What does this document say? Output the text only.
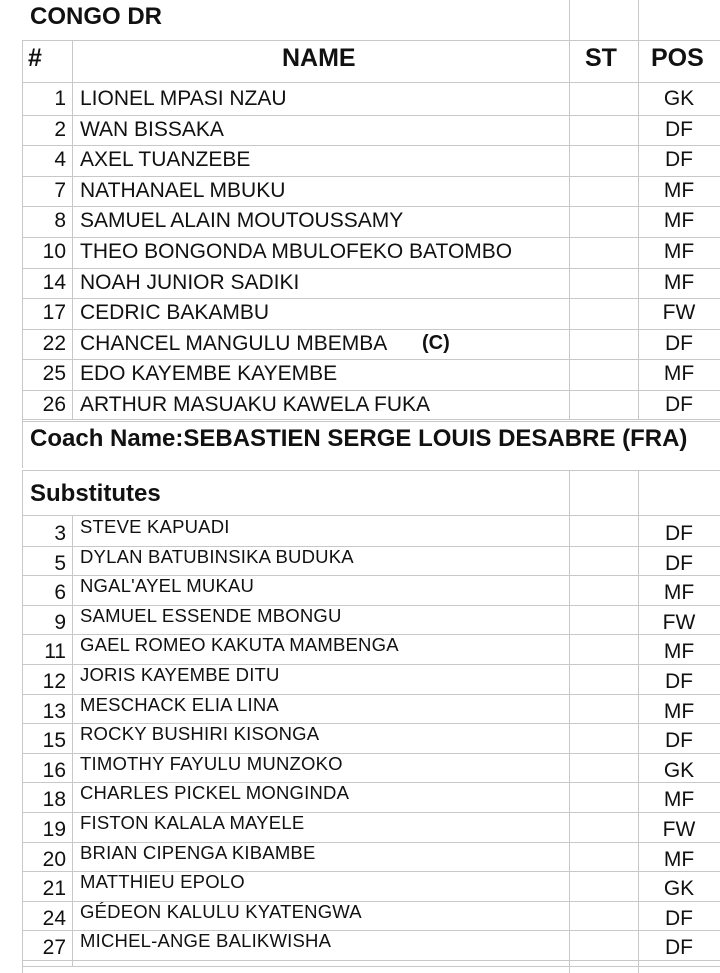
CONGO DR
#	NAME	ST POS
1 LIONEL MPASI NZAU	GK
2 WAN BISSAKA	DF
4 AXEL TUANZEBE	DF
7 NATHANAEL MBUKU	MF
8 SAMUEL ALAIN MOUTOUSSAMY	MF
10 THEO BONGONDA MBULOFEKO BATOMBO	MF
14 NOAH JUNIOR SADIKI	MF
17 CEDRIC BAKAMBU	FW
22 CHANCEL MANGULU MBEMBA (C)	DF
25 EDO KAYEMBE KAYEMBE	MF
26 ARTHUR MASUAKU KAWELA FUKA	DF
Coach Name:SEBASTIEN SERGE LOUIS DESABRE (FRA)
Substitutes
3 STEVE KAPUADI	DF
5 DYLAN BATUBINSIKA BUDUKA	DF
6 NGAL'AYEL MUKAU	MF
9 SAMUEL ESSENDE MBONGU	FW
11 GAEL ROMEO KAKUTA MAMBENGA	MF
12 JORIS KAYEMBE DITU	DF
13 MESCHACK ELIA LINA	MF
15 ROCKY BUSHIRI KISONGA	DF
16 TIMOTHY FAYULU MUNZOKO	GK
18 CHARLES PICKEL MONGINDA	MF
19 FISTON KALALA MAYELE	FW
20 BRIAN CIPENGA KIBAMBE	MF
21 MATTHIEU EPOLO	GK
24 GÉDEON KALULU KYATENGWA	DF
27 MICHEL-ANGE BALIKWISHA	DF
